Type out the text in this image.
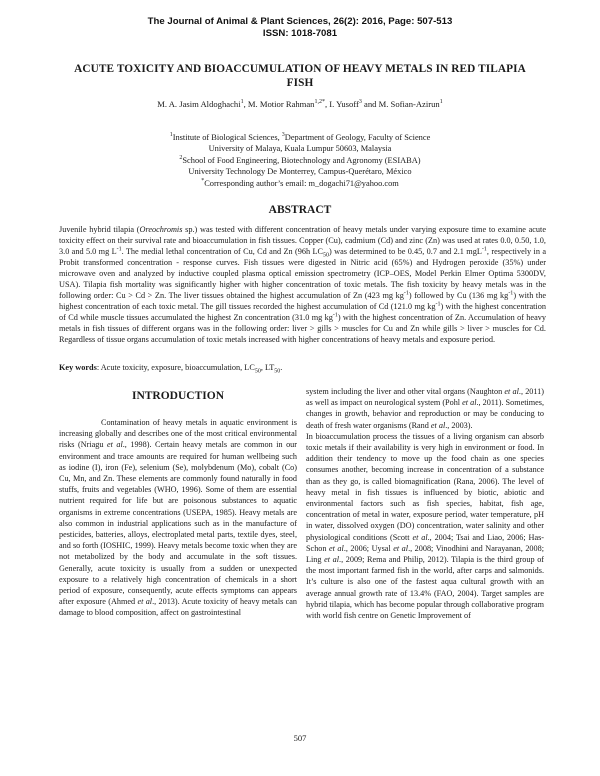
The Journal of Animal & Plant Sciences, 26(2): 2016, Page: 507-513
ISSN: 1018-7081
ACUTE TOXICITY AND BIOACCUMULATION OF HEAVY METALS IN RED TILAPIA FISH
M. A. Jasim Aldoghachi$^1$, M. Motior Rahman$^{1,2*}$, I. Yusoff$^3$ and M. Sofian-Azirun$^1$
$^1$Institute of Biological Sciences, $^3$Department of Geology, Faculty of Science
University of Malaya, Kuala Lumpur 50603, Malaysia
$^2$School of Food Engineering, Biotechnology and Agronomy (ESIABA)
University Technology De Monterrey, Campus-Querétaro, México
*Corresponding author’s email: m_dogachi71@yahoo.com
ABSTRACT
Juvenile hybrid tilapia (Oreochromis sp.) was tested with different concentration of heavy metals under varying exposure time to examine acute toxicity effect on their survival rate and bioaccumulation in fish tissues. Copper (Cu), cadmium (Cd) and zinc (Zn) was used at rates 0.0, 0.50, 1.0, 3.0 and 5.0 mg $L^{-1}$. The medial lethal concentration of Cu, Cd and Zn (96h $LC_{50}$) was determined to be 0.45, 0.7 and 2.1 mgL$^{-1}$, respectively in a Probit transformed concentration - response curves. Fish tissues were digested in Nitric acid (65%) and Hydrogen peroxide (35%) under microwave oven and analyzed by inductive coupled plasma optical emission spectrometry (ICP–OES, Model Perkin Elmer Optima 5300DV, USA). Tilapia fish mortality was significantly higher with higher concentration of toxic metals. The fish toxicity by heavy metals was in the following order: Cu > Cd > Zn. The liver tissues obtained the highest accumulation of Zn (423 mg $kg^{-1}$) followed by Cu (136 mg $kg^{-1}$) with the highest concentration of each toxic metal. The gill tissues recorded the highest accumulation of Cd (121.0 mg $kg^{-1}$) with the highest concentration of Cd while muscle tissues accumulated the highest Zn concentration (31.0 mg $kg^{-1}$) with the highest concentration of Zn. Accumulation of heavy metals in fish tissues of different organs was in the following order: liver > gills > muscles for Cu and Zn while gills > liver > muscles for Cd. Regardless of tissue organs accumulation of toxic metals increased with higher concentrations of heavy metals and exposure period.
Key words: Acute toxicity, exposure, bioaccumulation, $LC_{50}$, $LT_{50}$.
INTRODUCTION

Contamination of heavy metals in aquatic environment is increasing globally and describes one of the most critical environmental risks (Nriagu et al., 1998). Certain heavy metals are common in our environment and trace amounts are required for human wellbeing such as iodine (I), iron (Fe), selenium (Se), molybdenum (Mo), cobalt (Co) Cu, Mn, and Zn. These elements are commonly found naturally in food stuffs, fruits and vegetables (WHO, 1996). Some of them are essential nutrient required for life but are poisonous substances to aquatic organisms in extreme concentrations (USEPA, 1985). Heavy metals are also common in industrial applications such as in the manufacture of pesticides, batteries, alloys, electroplated metal parts, textile dyes, steel, and so forth (IOSHIC, 1999). Heavy metals become toxic when they are not metabolized by the body and accumulate in the soft tissues. Generally, acute toxicity is usually from a sudden or unexpected exposure to a relatively high concentration of chemicals in a short period of exposure, consequently, acute effects symptoms can appears after exposure (Ahmed et al., 2013). Acute toxicity of heavy metals can damage to blood composition, affect on gastrointestinal

system including the liver and other vital organs (Naughton et al., 2011) as well as impact on neurological system (Pohl et al., 2011). Sometimes, changes in growth, behavior and reproduction or may be conducing to death of fresh water organisms (Rand et al., 2003).

In bioaccumulation process the tissues of a living organism can absorb toxic metals if their availability is very high in environment or food. In addition their tendency to move up the food chain as one species consumes another, becoming increase in concentration of a substance than as they go, is called biomagnification (Rana, 2006). The level of heavy metal in fish tissues is influenced by biotic, abiotic and environmental factors such as fish species, habitat, fish age, concentration of metal in water, exposure period, water temperature, pH in water, dissolved oxygen (DO) concentration, water salinity and other physiological conditions (Scott et al., 2004; Tsai and Liao, 2006; Has-Schon et al., 2006; Uysal et al., 2008; Vinodhini and Narayanan, 2008; Ling et al., 2009; Rema and Philip, 2012). Tilapia is the third group of the most important farmed fish in the world, after carps and salmonids. It’s culture is also one of the fastest aqua cultural growth with an average annual growth rate of 13.4% (FAO, 2004). Target samples are hybrid tilapia, which has become popular through collaborative program with world fish centre on Genetic Improvement of

507
